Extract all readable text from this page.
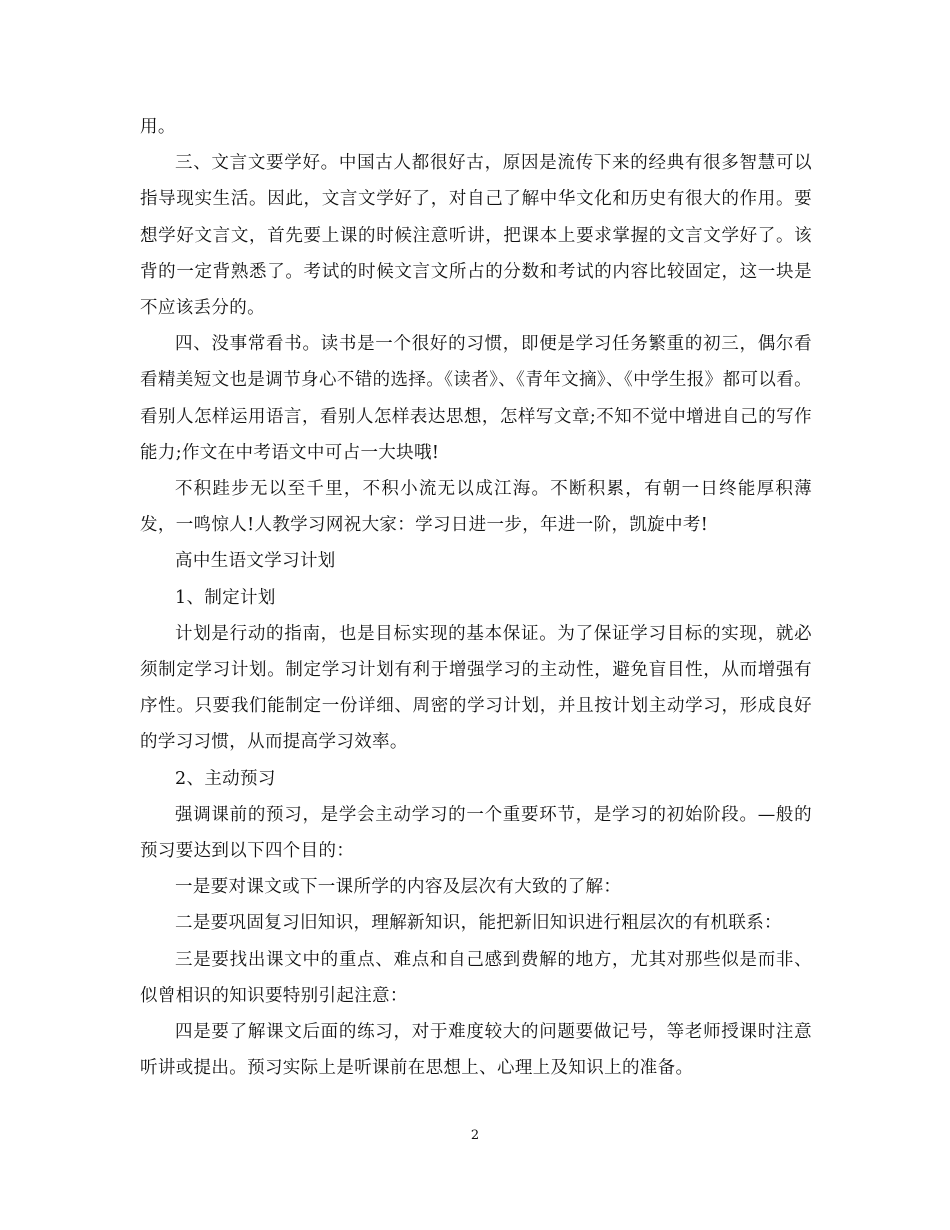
用。

三、文言文要学好。中国古人都很好古，原因是流传下来的经典有很多智慧可以指导现实生活。因此，文言文学好了，对自己了解中华文化和历史有很大的作用。要想学好文言文，首先要上课的时候注意听讲，把课本上要求掌握的文言文学好了。该背的一定背熟悉了。考试的时候文言文所占的分数和考试的内容比较固定，这一块是不应该丢分的。

四、没事常看书。读书是一个很好的习惯，即便是学习任务繁重的初三，偶尔看看精美短文也是调节身心不错的选择。《读者》、《青年文摘》、《中学生报》都可以看。看别人怎样运用语言，看别人怎样表达思想，怎样写文章;不知不觉中增进自己的写作能力;作文在中考语文中可占一大块哦!

不积跬步无以至千里，不积小流无以成江海。不断积累，有朝一日终能厚积薄发，一鸣惊人!人教学习网祝大家：学习日进一步，年进一阶，凯旋中考!

高中生语文学习计划

1、制定计划

计划是行动的指南，也是目标实现的基本保证。为了保证学习目标的实现，就必须制定学习计划。制定学习计划有利于增强学习的主动性，避免盲目性，从而增强有序性。只要我们能制定一份详细、周密的学习计划，并且按计划主动学习，形成良好的学习习惯，从而提高学习效率。

2、主动预习

强调课前的预习，是学会主动学习的一个重要环节，是学习的初始阶段。—般的预习要达到以下四个目的：

一是要对课文或下一课所学的内容及层次有大致的了解：

二是要巩固复习旧知识，理解新知识，能把新旧知识进行粗层次的有机联系：

三是要找出课文中的重点、难点和自己感到费解的地方，尤其对那些似是而非、似曾相识的知识要特别引起注意：

四是要了解课文后面的练习，对于难度较大的问题要做记号，等老师授课时注意听讲或提出。预习实际上是听课前在思想上、心理上及知识上的准备。

2
